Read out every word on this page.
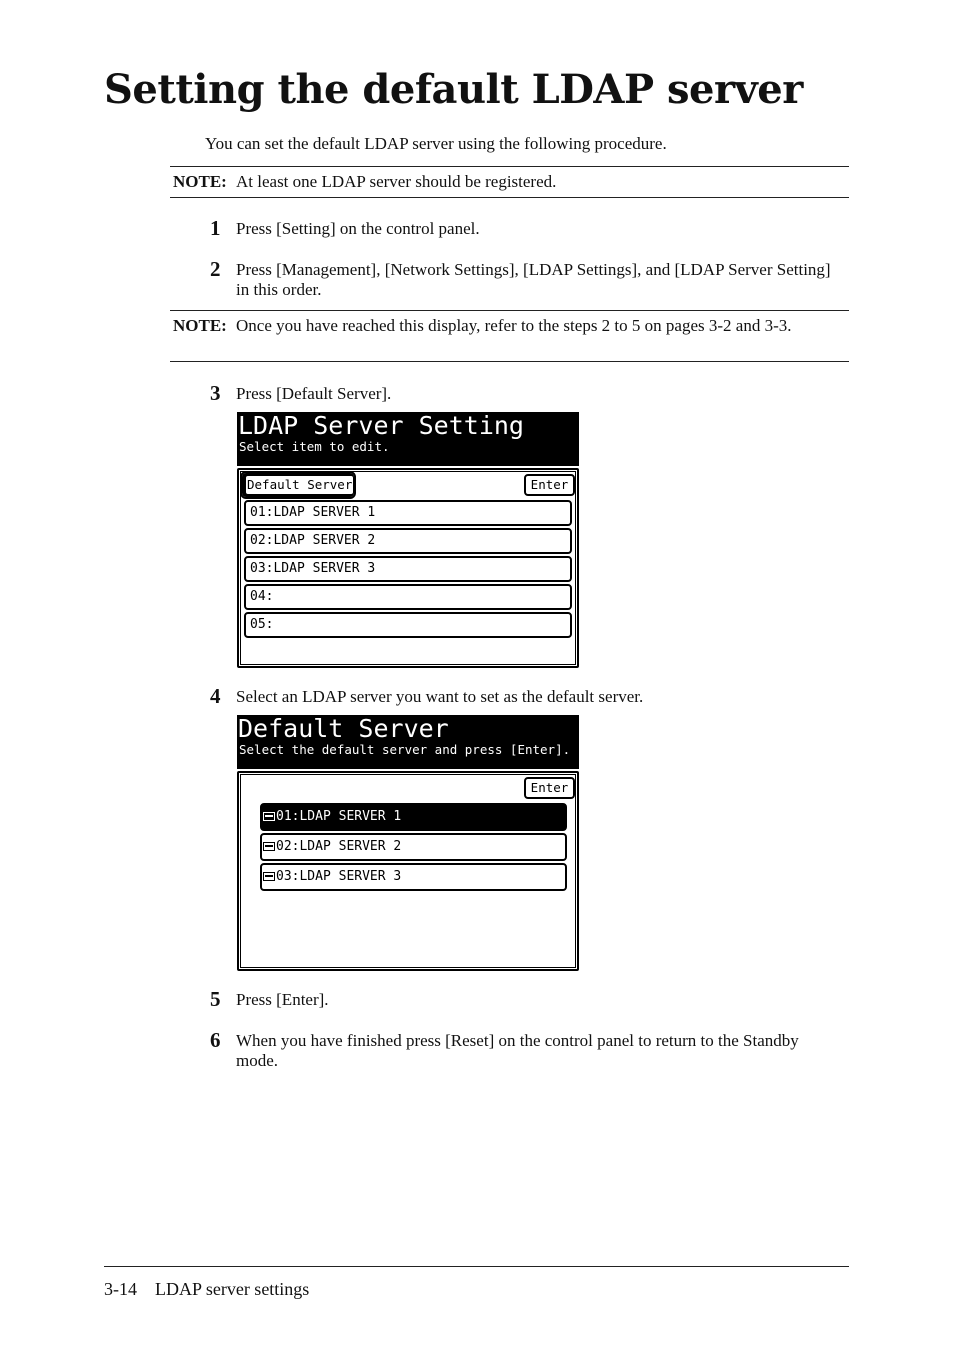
Setting the default LDAP server
You can set the default LDAP server using the following procedure.
NOTE: At least one LDAP server should be registered.
1 Press [Setting] on the control panel.
2 Press [Management], [Network Settings], [LDAP Settings], and [LDAP Server Setting] in this order.
NOTE: Once you have reached this display, refer to the steps 2 to 5 on pages 3-2 and 3-3.
3 Press [Default Server].
LDAP Server Setting
Select item to edit.
Default Server	Enter
01:LDAP SERVER 1
02:LDAP SERVER 2
03:LDAP SERVER 3
04:
05:
4 Select an LDAP server you want to set as the default server.
Default Server
Select the default server and press [Enter].
Enter
01:LDAP SERVER 1
02:LDAP SERVER 2
03:LDAP SERVER 3
5 Press [Enter].
6 When you have finished press [Reset] on the control panel to return to the Standby mode.
3-14 LDAP server settings
